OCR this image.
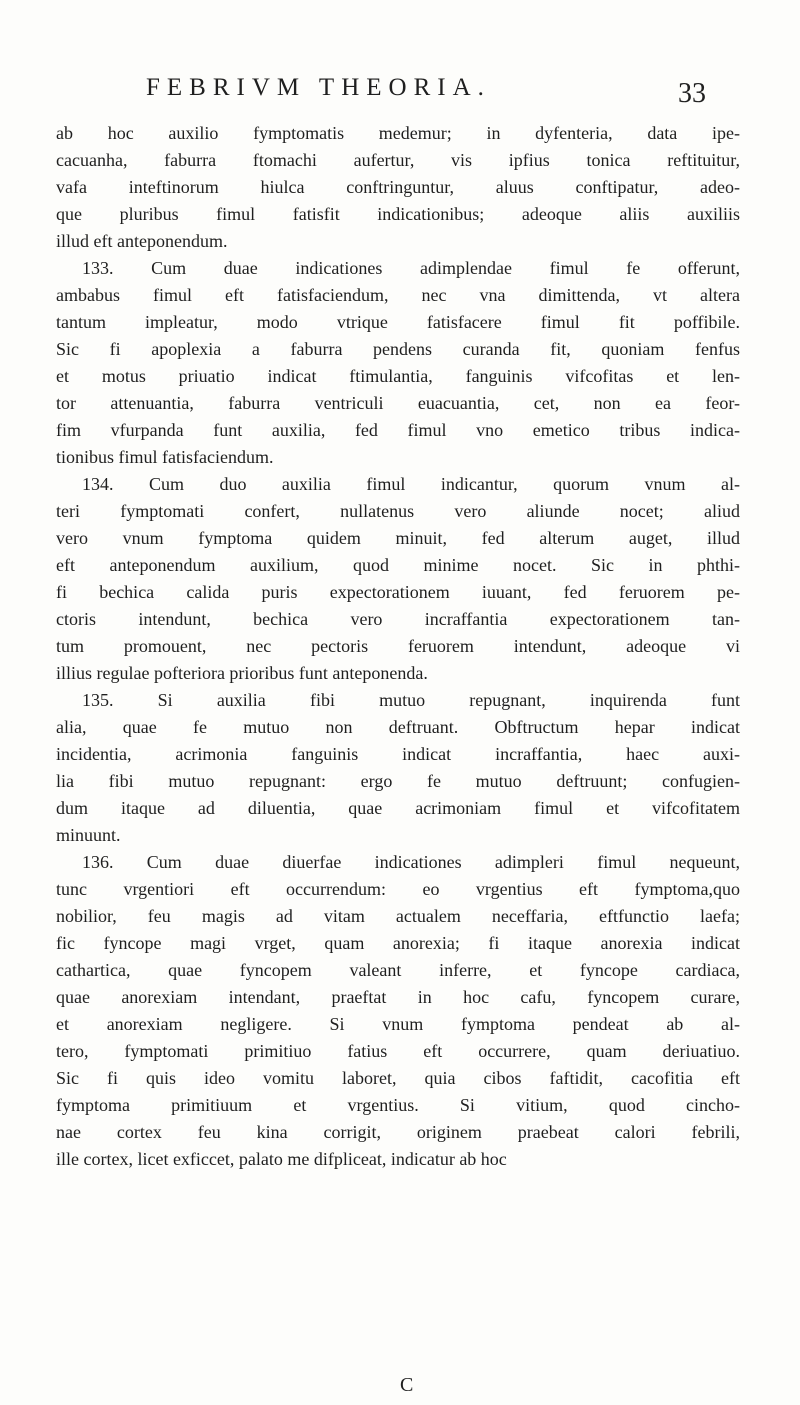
FEBRIVM THEORIA.	33
ab hoc auxilio fymptomatis medemur; in dyfenteria, data ipe-
cacuanha, faburra ftomachi aufertur, vis ipfius tonica reftituitur,
vafa inteftinorum hiulca conftringuntur, aluus conftipatur, adeo-
que pluribus fimul fatisfit indicationibus; adeoque aliis auxiliis
illud eft anteponendum.
133. Cum duae indicationes adimplendae fimul fe offerunt,
ambabus fimul eft fatisfaciendum, nec vna dimittenda, vt altera
tantum impleatur, modo vtrique fatisfacere fimul fit poffibile.
Sic fi apoplexia a faburra pendens curanda fit, quoniam fenfus
et motus priuatio indicat ftimulantia, fanguinis vifcofitas et len-
tor attenuantia, faburra ventriculi euacuantia, cet, non ea feor-
fim vfurpanda funt auxilia, fed fimul vno emetico tribus indica-
tionibus fimul fatisfaciendum.
134. Cum duo auxilia fimul indicantur, quorum vnum al-
teri fymptomati confert, nullatenus vero aliunde nocet; aliud
vero vnum fymptoma quidem minuit, fed alterum auget, illud
eft anteponendum auxilium, quod minime nocet. Sic in phthi-
fi bechica calida puris expectorationem iuuant, fed feruorem pe-
ctoris intendunt, bechica vero incraffantia expectorationem tan-
tum promouent, nec pectoris feruorem intendunt, adeoque vi
illius regulae pofteriora prioribus funt anteponenda.
135. Si auxilia fibi mutuo repugnant, inquirenda funt
alia, quae fe mutuo non deftruant. Obftructum hepar indicat
incidentia, acrimonia fanguinis indicat incraffantia, haec auxi-
lia fibi mutuo repugnant: ergo fe mutuo deftruunt; confugien-
dum itaque ad diluentia, quae acrimoniam fimul et vifcofitatem
minuunt.
136. Cum duae diuerfae indicationes adimpleri fimul nequeunt,
tunc vrgentiori eft occurrendum: eo vrgentius eft fymptoma,quo
nobilior, feu magis ad vitam actualem neceffaria, eftfunctio laefa;
fic fyncope magi vrget, quam anorexia; fi itaque anorexia indicat
cathartica, quae fyncopem valeant inferre, et fyncope cardiaca,
quae anorexiam intendant, praeftat in hoc cafu, fyncopem curare,
et anorexiam negligere. Si vnum fymptoma pendeat ab al-
tero, fymptomati primitiuo fatius eft occurrere, quam deriuatiuo.
Sic fi quis ideo vomitu laboret, quia cibos faftidit, cacofitia eft
fymptoma primitiuum et vrgentius. Si vitium, quod cincho-
nae cortex feu kina corrigit, originem praebeat calori febrili,
ille cortex, licet exficcet, palato me difpliceat, indicatur ab hoc
C
